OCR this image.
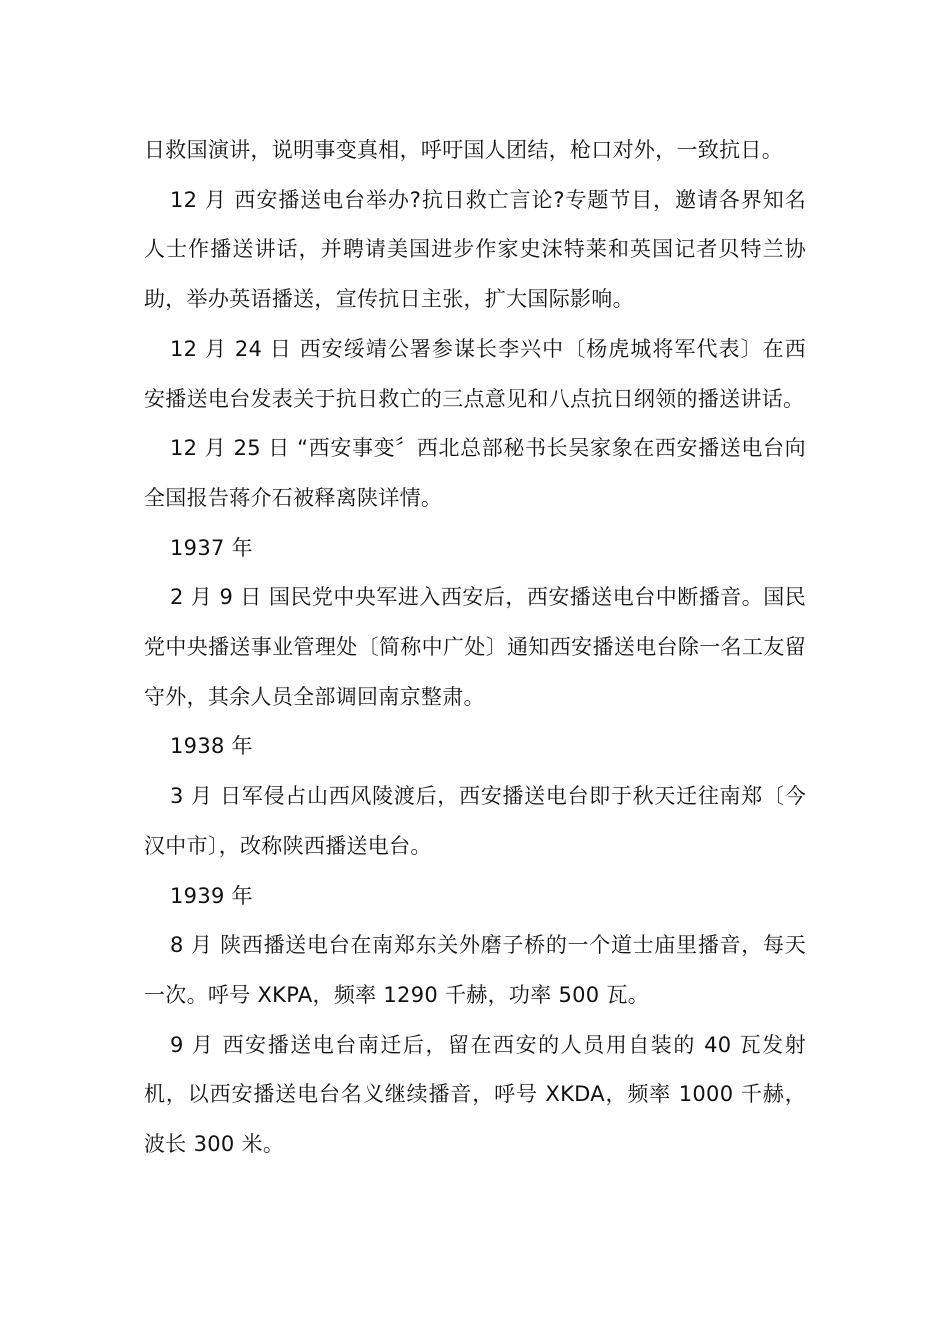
日救国演讲，说明事变真相，呼吁国人团结，枪口对外，一致抗日。

12 月 西安播送电台举办?抗日救亡言论?专题节目，邀请各界知名人士作播送讲话，并聘请美国进步作家史沫特莱和英国记者贝特兰协助，举办英语播送，宣传抗日主张，扩大国际影响。

12 月 24 日 西安绥靖公署参谋长李兴中〔杨虎城将军代表〕在西安播送电台发表关于抗日救亡的三点意见和八点抗日纲领的播送讲话。

12 月 25 日 “西安事变〞西北总部秘书长吴家象在西安播送电台向全国报告蒋介石被释离陕详情。

1937 年

2 月 9 日 国民党中央军进入西安后，西安播送电台中断播音。国民党中央播送事业管理处〔简称中广处〕通知西安播送电台除一名工友留守外，其余人员全部调回南京整肃。

1938 年

3 月 日军侵占山西风陵渡后，西安播送电台即于秋天迁往南郑〔今汉中市〕，改称陕西播送电台。

1939 年

8 月 陕西播送电台在南郑东关外磨子桥的一个道士庙里播音，每天一次。呼号 XKPA，频率 1290 千赫，功率 500 瓦。

9 月 西安播送电台南迁后，留在西安的人员用自装的 40 瓦发射机，以西安播送电台名义继续播音，呼号 XKDA，频率 1000 千赫，波长 300 米。
